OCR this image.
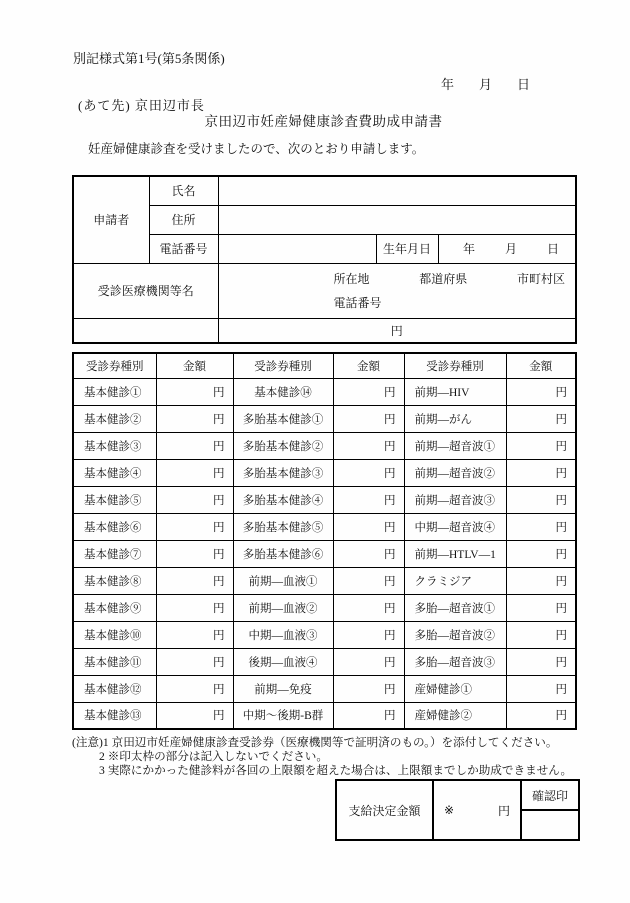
別記様式第1号(第5条関係)
年 月 日
(あて先) 京田辺市長
京田辺市妊産婦健康診査費助成申請書
妊産婦健康診査を受けましたので、次のとおり申請します。
申請者	氏名			
	住所			
	電話番号		生年月日	年 月 日

受診医療機関等名		所在地 都道府県 市町村区
電話番号		

		円		
受診券種別	金額	受診券種別	金額	受診券種別	金額
基本健診①	円	基本健診⑭	円	前期—HIV	円
基本健診②	円	多胎基本健診①	円	前期—がん	円
基本健診③	円	多胎基本健診②	円	前期—超音波①	円
基本健診④	円	多胎基本健診③	円	前期—超音波②	円
基本健診⑤	円	多胎基本健診④	円	前期—超音波③	円
基本健診⑥	円	多胎基本健診⑤	円	中期—超音波④	円
基本健診⑦	円	多胎基本健診⑥	円	前期—HTLV—1	円
基本健診⑧	円	前期—血液①	円	クラミジア	円
基本健診⑨	円	前期—血液②	円	多胎—超音波①	円
基本健診⑩	円	中期—血液③	円	多胎—超音波②	円
基本健診⑪	円	後期—血液④	円	多胎—超音波③	円
基本健診⑫	円	前期—免疫	円	産婦健診①	円
基本健診⑬	円	中期～後期-B群	円	産婦健診②	円
(注意)1 京田辺市妊産婦健康診査受診券（医療機関等で証明済のもの。）を添付してください。
2 ※印太枠の部分は記入しないでください。
3 実際にかかった健診料が各回の上限額を超えた場合は、上限額までしか助成できません。
支給決定金額	※	円
	確認印
